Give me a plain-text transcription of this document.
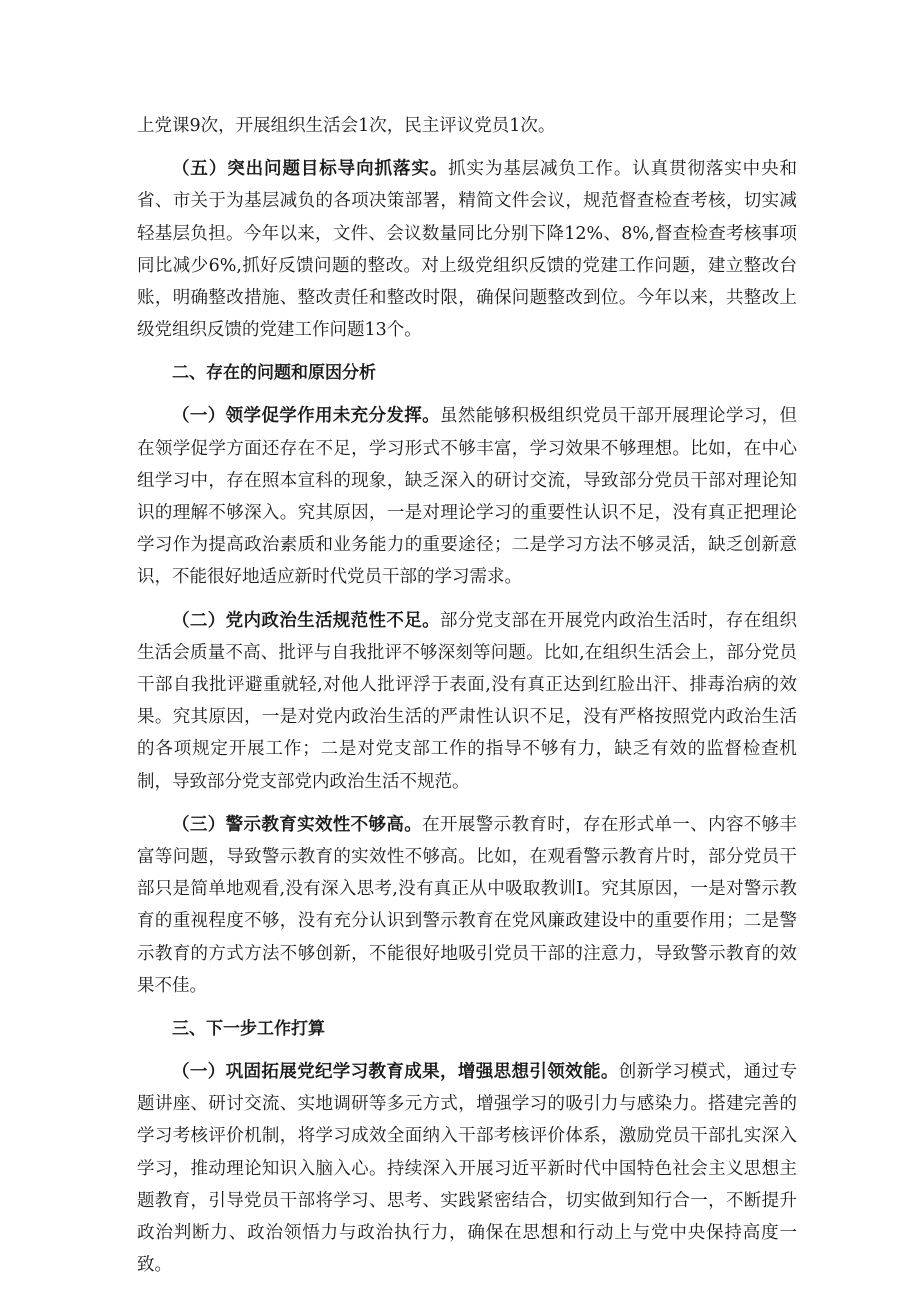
上党课9次，开展组织生活会1次，民主评议党员1次。

（五）突出问题目标导向抓落实。抓实为基层减负工作。认真贯彻落实中央和省、市关于为基层减负的各项决策部署，精简文件会议，规范督查检查考核，切实减轻基层负担。今年以来，文件、会议数量同比分别下降12%、8%,督查检查考核事项同比减少6%,抓好反馈问题的整改。对上级党组织反馈的党建工作问题，建立整改台账，明确整改措施、整改责任和整改时限，确保问题整改到位。今年以来，共整改上级党组织反馈的党建工作问题13个。

二、存在的问题和原因分析

（一）领学促学作用未充分发挥。虽然能够积极组织党员干部开展理论学习，但在领学促学方面还存在不足，学习形式不够丰富，学习效果不够理想。比如，在中心组学习中，存在照本宣科的现象，缺乏深入的研讨交流，导致部分党员干部对理论知识的理解不够深入。究其原因，一是对理论学习的重要性认识不足，没有真正把理论学习作为提高政治素质和业务能力的重要途径；二是学习方法不够灵活，缺乏创新意识，不能很好地适应新时代党员干部的学习需求。

（二）党内政治生活规范性不足。部分党支部在开展党内政治生活时，存在组织生活会质量不高、批评与自我批评不够深刻等问题。比如,在组织生活会上，部分党员干部自我批评避重就轻,对他人批评浮于表面,没有真正达到红脸出汗、排毒治病的效果。究其原因，一是对党内政治生活的严肃性认识不足，没有严格按照党内政治生活的各项规定开展工作；二是对党支部工作的指导不够有力，缺乏有效的监督检查机制，导致部分党支部党内政治生活不规范。

（三）警示教育实效性不够高。在开展警示教育时，存在形式单一、内容不够丰富等问题，导致警示教育的实效性不够高。比如，在观看警示教育片时，部分党员干部只是简单地观看,没有深入思考,没有真正从中吸取教训I。究其原因，一是对警示教育的重视程度不够，没有充分认识到警示教育在党风廉政建设中的重要作用；二是警示教育的方式方法不够创新，不能很好地吸引党员干部的注意力，导致警示教育的效果不佳。

三、下一步工作打算

（一）巩固拓展党纪学习教育成果，增强思想引领效能。创新学习模式，通过专题讲座、研讨交流、实地调研等多元方式，增强学习的吸引力与感染力。搭建完善的学习考核评价机制，将学习成效全面纳入干部考核评价体系，激励党员干部扎实深入学习，推动理论知识入脑入心。持续深入开展习近平新时代中国特色社会主义思想主题教育，引导党员干部将学习、思考、实践紧密结合，切实做到知行合一，不断提升政治判断力、政治领悟力与政治执行力，确保在思想和行动上与党中央保持高度一致。
